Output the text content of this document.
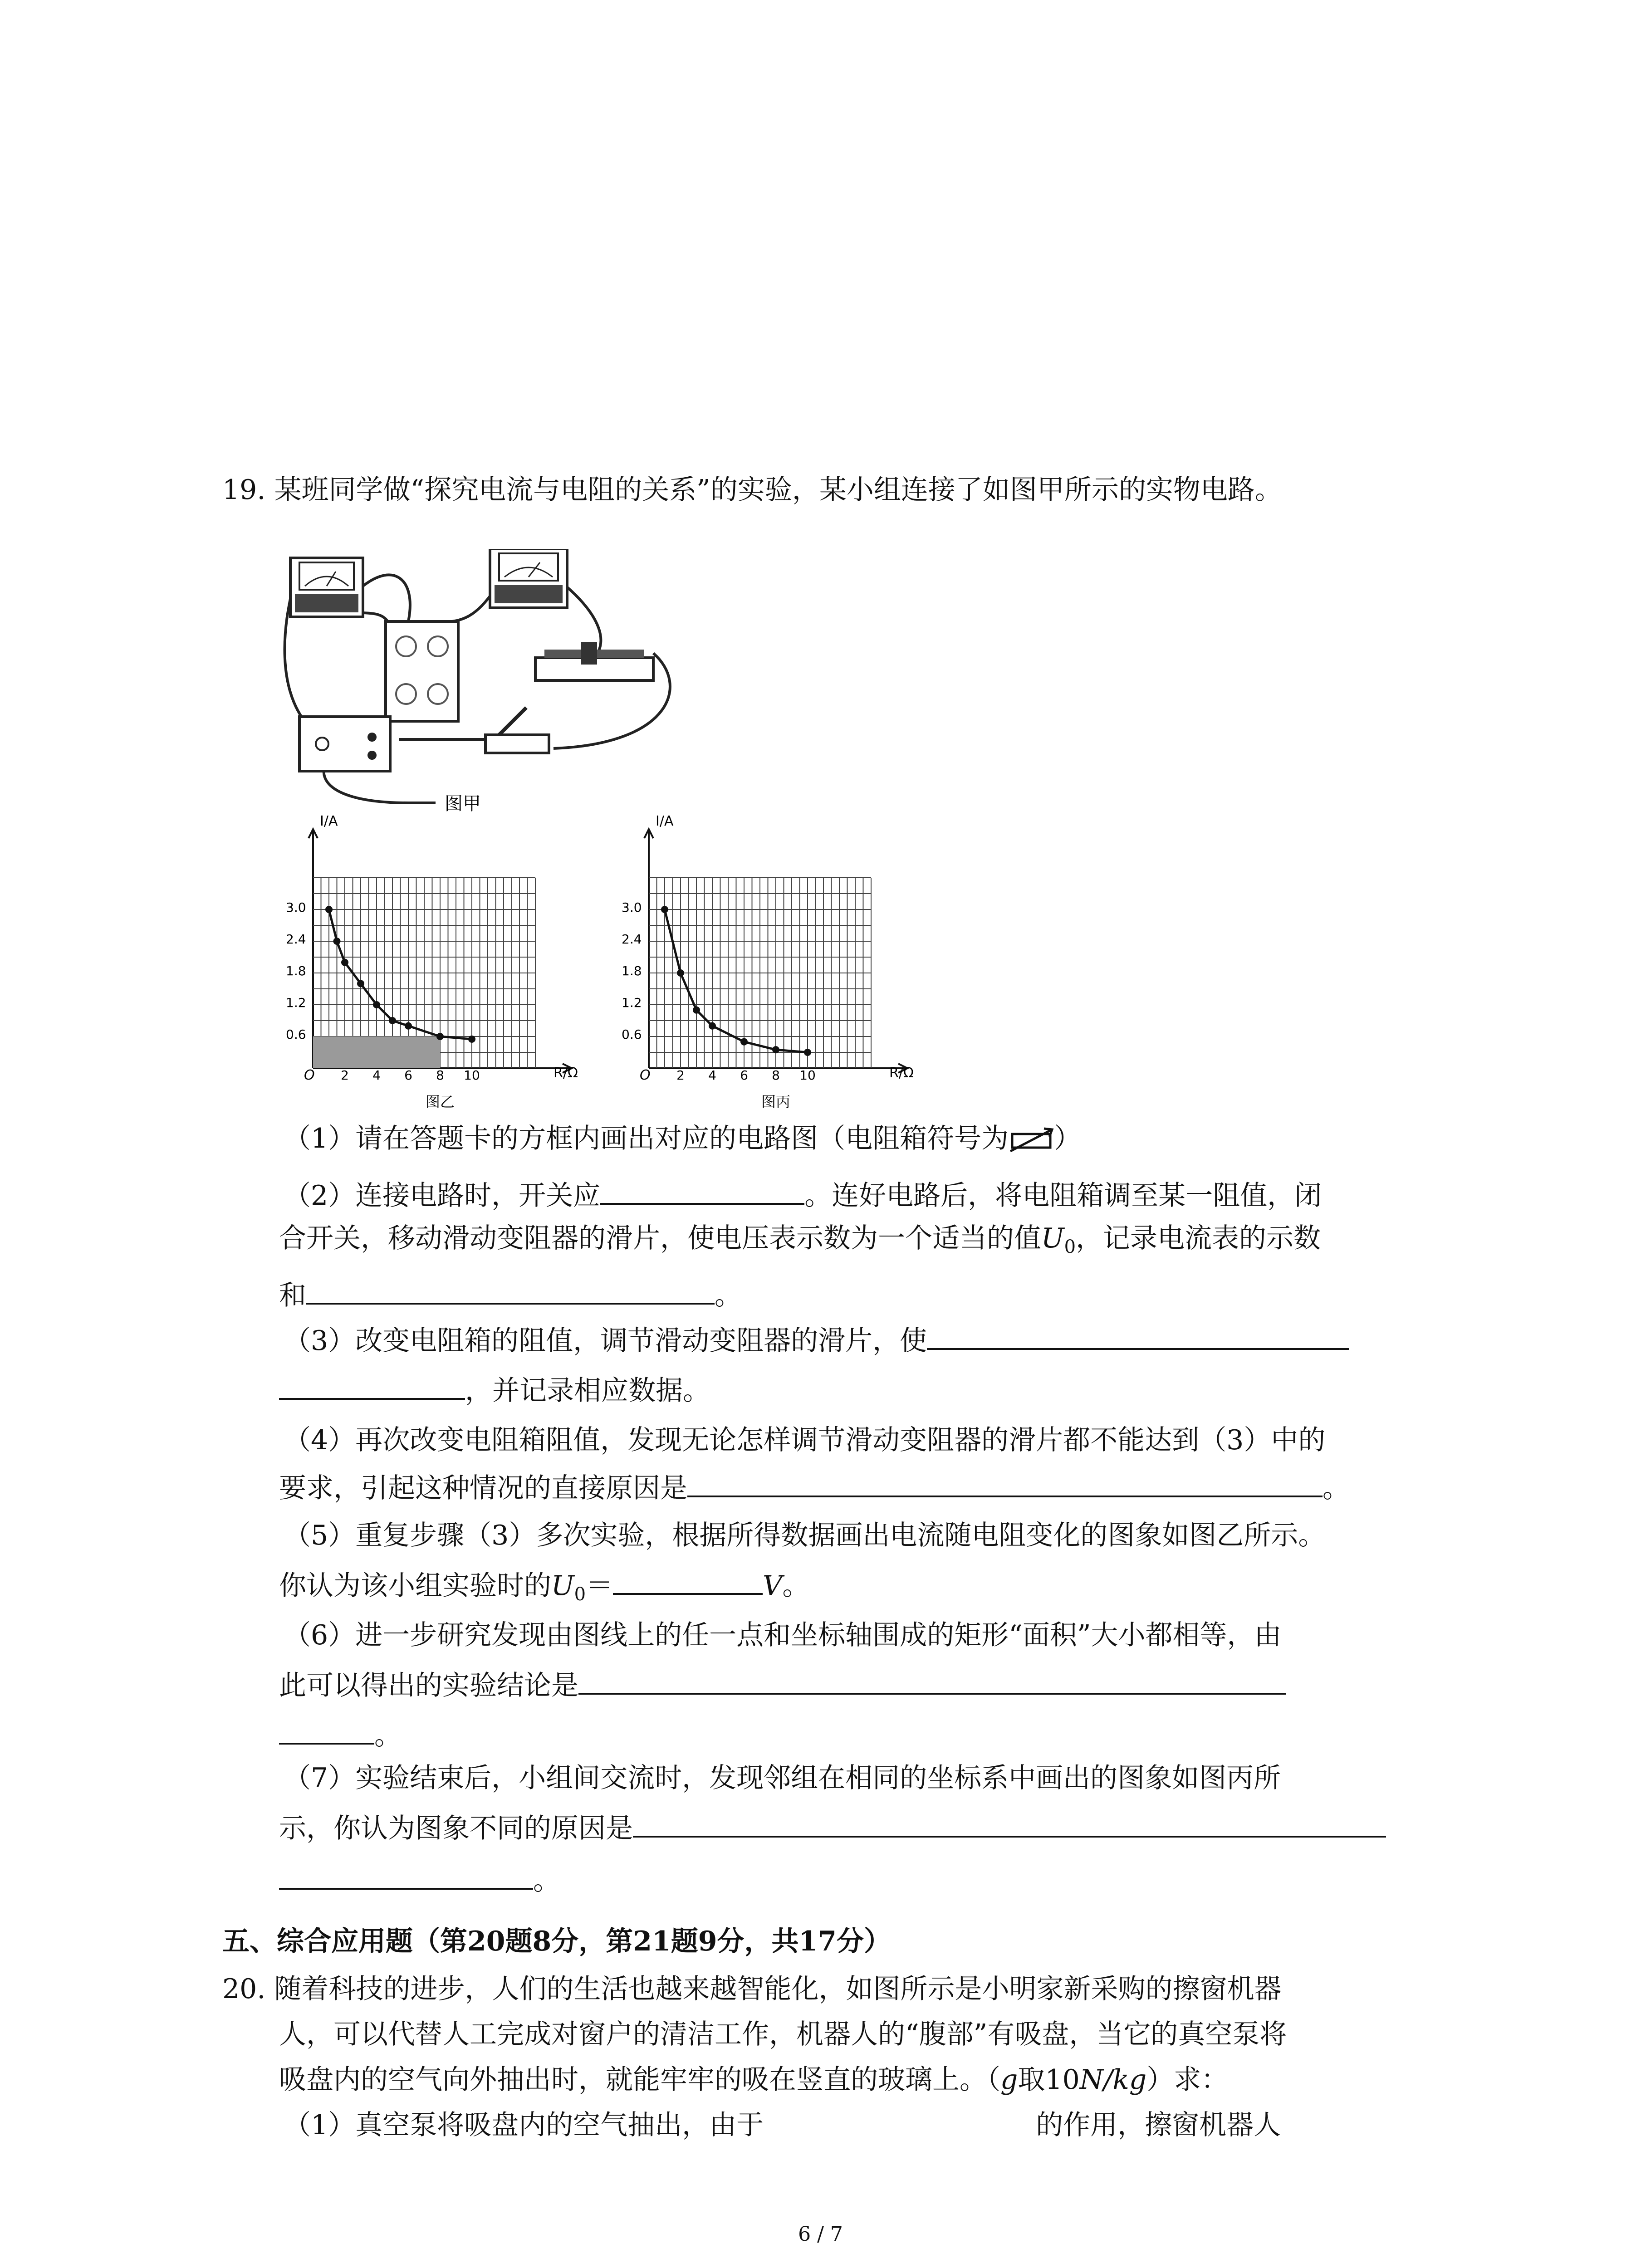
19. 某班同学做“探究电流与电阻的关系”的实验，某小组连接了如图甲所示的实物电路。
图甲
I/A
R/Ω
O
3.0
2.4
1.8
1.2
0.6
2 4 6 8 10
图乙
I/A
R/Ω
O
3.0
2.4
1.8
1.2
0.6
2 4 6 8 10
图丙
（1）请在答题卡的方框内画出对应的电路图（电阻箱符号为 ）
（2）连接电路时，开关应	。连好电路后，将电阻箱调至某一阻值，闭
合开关，移动滑动变阻器的滑片，使电压表示数为一个适当的值$U_0$，记录电流表的示数
和	。
（3）改变电阻箱的阻值，调节滑动变阻器的滑片，使
，并记录相应数据。
（4）再次改变电阻箱阻值，发现无论怎样调节滑动变阻器的滑片都不能达到（3）中的
要求，引起这种情况的直接原因是	。
（5）重复步骤（3）多次实验，根据所得数据画出电流随电阻变化的图象如图乙所示。
你认为该小组实验时的$U_0=$	V。
（6）进一步研究发现由图线上的任一点和坐标轴围成的矩形“面积”大小都相等，由
此可以得出的实验结论是
。
（7）实验结束后，小组间交流时，发现邻组在相同的坐标系中画出的图象如图丙所
示，你认为图象不同的原因是
。
五、综合应用题（第20题8分，第21题9分，共17分）
20. 随着科技的进步，人们的生活也越来越智能化，如图所示是小明家新采购的擦窗机器
人，可以代替人工完成对窗户的清洁工作，机器人的“腹部”有吸盘，当它的真空泵将
吸盘内的空气向外抽出时，就能牢牢的吸在竖直的玻璃上。（g取10N/kg）求：
（1）真空泵将吸盘内的空气抽出，由于	的作用，擦窗机器人
6 / 7
